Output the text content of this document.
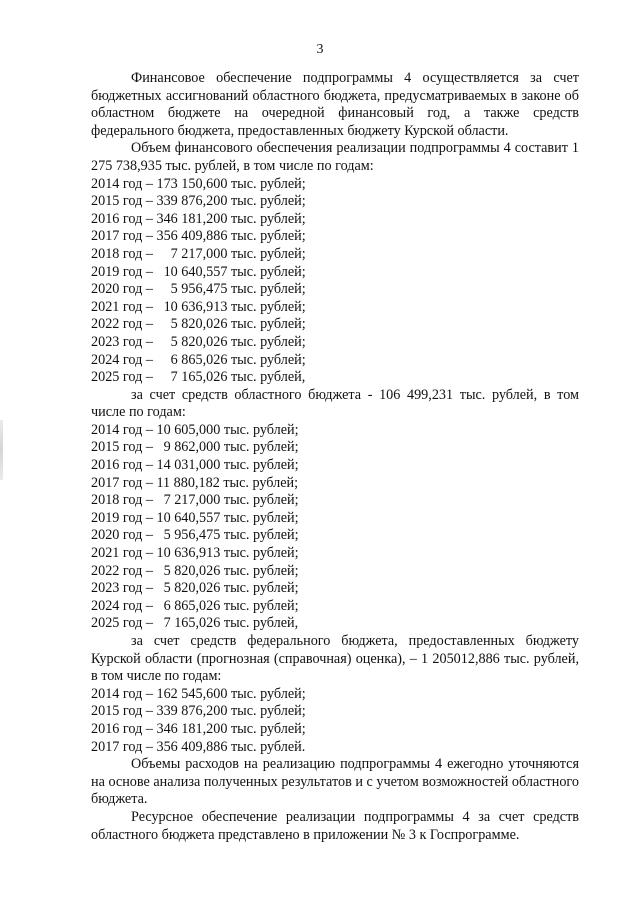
3

Финансовое обеспечение подпрограммы 4 осуществляется за счет бюджетных ассигнований областного бюджета, предусматриваемых в законе об областном бюджете на очередной финансовый год, а также средств федерального бюджета, предоставленных бюджету Курской области.

Объем финансового обеспечения реализации подпрограммы 4 составит 1 275 738,935 тыс. рублей, в том числе по годам:

2014 год – 173 150,600 тыс. рублей;
2015 год – 339 876,200 тыс. рублей;
2016 год – 346 181,200 тыс. рублей;
2017 год – 356 409,886 тыс. рублей;
2018 год –     7 217,000 тыс. рублей;
2019 год –   10 640,557 тыс. рублей;
2020 год –     5 956,475 тыс. рублей;
2021 год –   10 636,913 тыс. рублей;
2022 год –     5 820,026 тыс. рублей;
2023 год –     5 820,026 тыс. рублей;
2024 год –     6 865,026 тыс. рублей;
2025 год –     7 165,026 тыс. рублей,

за счет средств областного бюджета - 106 499,231 тыс. рублей, в том числе по годам:

2014 год – 10 605,000 тыс. рублей;
2015 год –   9 862,000 тыс. рублей;
2016 год – 14 031,000 тыс. рублей;
2017 год – 11 880,182 тыс. рублей;
2018 год –   7 217,000 тыс. рублей;
2019 год – 10 640,557 тыс. рублей;
2020 год –   5 956,475 тыс. рублей;
2021 год – 10 636,913 тыс. рублей;
2022 год –   5 820,026 тыс. рублей;
2023 год –   5 820,026 тыс. рублей;
2024 год –   6 865,026 тыс. рублей;
2025 год –   7 165,026 тыс. рублей,

за счет средств федерального бюджета, предоставленных бюджету Курской области (прогнозная (справочная) оценка), – 1 205012,886 тыс. рублей, в том числе по годам:

2014 год – 162 545,600 тыс. рублей;
2015 год – 339 876,200 тыс. рублей;
2016 год – 346 181,200 тыс. рублей;
2017 год – 356 409,886 тыс. рублей.

Объемы расходов на реализацию подпрограммы 4 ежегодно уточняются на основе анализа полученных результатов и с учетом возможностей областного бюджета.

Ресурсное обеспечение реализации подпрограммы 4 за счет средств областного бюджета представлено в приложении № 3 к Госпрограмме.
